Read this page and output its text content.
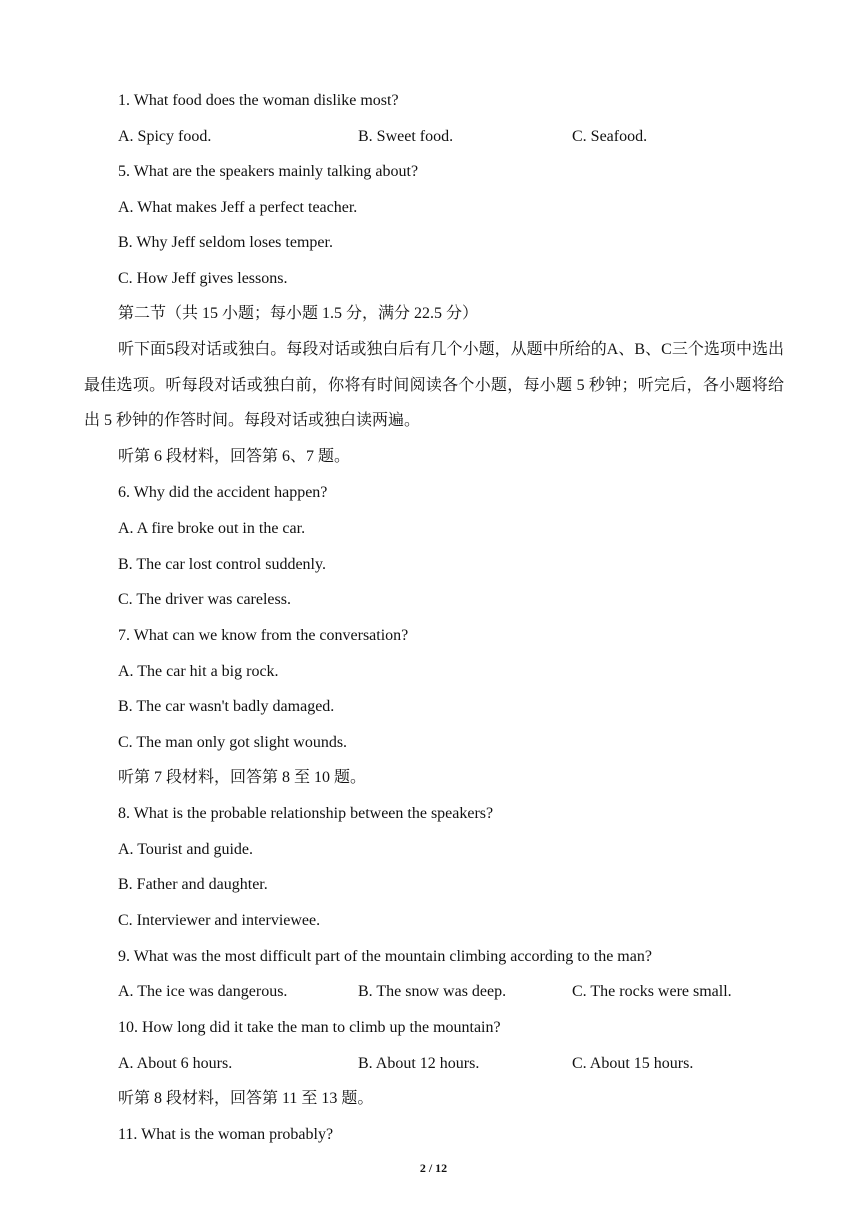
1. What food does the woman dislike most?
A. Spicy food.	B. Sweet food.	C. Seafood.
5. What are the speakers mainly talking about?
A. What makes Jeff a perfect teacher.
B. Why Jeff seldom loses temper.
C. How Jeff gives lessons.
第二节（共 15 小题；每小题 1.5 分，满分 22.5 分）
听下面5段对话或独白。每段对话或独白后有几个小题，从题中所给的A、B、C三个选项中选出最佳选项。听每段对话或独白前，你将有时间阅读各个小题，每小题 5 秒钟；听完后，各小题将给出 5 秒钟的作答时间。每段对话或独白读两遍。
听第 6 段材料，回答第 6、7 题。
6. Why did the accident happen?
A. A fire broke out in the car.
B. The car lost control suddenly.
C. The driver was careless.
7. What can we know from the conversation?
A. The car hit a big rock.
B. The car wasn't badly damaged.
C. The man only got slight wounds.
听第 7 段材料，回答第 8 至 10 题。
8. What is the probable relationship between the speakers?
A. Tourist and guide.
B. Father and daughter.
C. Interviewer and interviewee.
9. What was the most difficult part of the mountain climbing according to the man?
A. The ice was dangerous.	B. The snow was deep.	C. The rocks were small.
10. How long did it take the man to climb up the mountain?
A. About 6 hours.	B. About 12 hours.	C. About 15 hours.
听第 8 段材料，回答第 11 至 13 题。
11. What is the woman probably?
2 / 12
